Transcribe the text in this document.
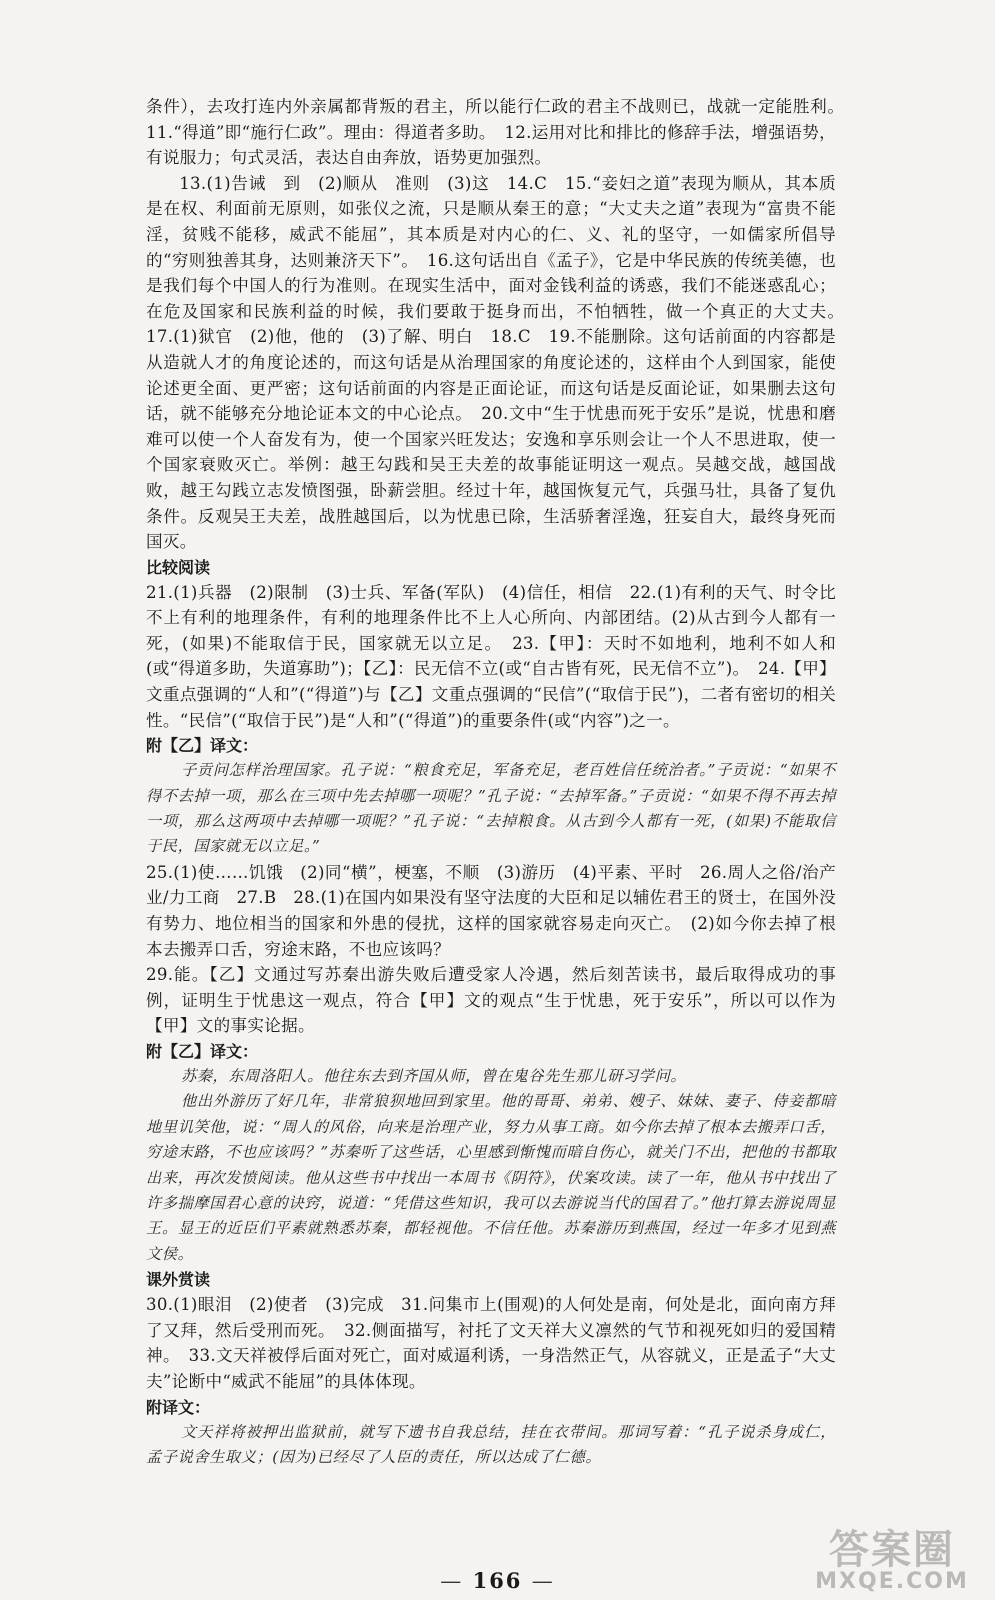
条件），去攻打连内外亲属都背叛的君主，所以能行仁政的君主不战则已，战就一定能胜利。　11.“得道”即“施行仁政”。理由：得道者多助。　12.运用对比和排比的修辞手法，增强语势，有说服力；句式灵活，表达自由奔放，语势更加强烈。

13.(1)告诫　到　(2)顺从　准则　(3)这　14.C　15.“妾妇之道”表现为顺从，其本质是在权、利面前无原则，如张仪之流，只是顺从秦王的意；“大丈夫之道”表现为“富贵不能淫，贫贱不能移，威武不能屈”，其本质是对内心的仁、义、礼的坚守，一如儒家所倡导的“穷则独善其身，达则兼济天下”。　16.这句话出自《孟子》，它是中华民族的传统美德，也是我们每个中国人的行为准则。在现实生活中，面对金钱利益的诱惑，我们不能迷惑乱心；在危及国家和民族利益的时候，我们要敢于挺身而出，不怕牺牲，做一个真正的大丈夫。　17.(1)狱官　(2)他，他的　(3)了解、明白　18.C　19.不能删除。这句话前面的内容都是从造就人才的角度论述的，而这句话是从治理国家的角度论述的，这样由个人到国家，能使论述更全面、更严密；这句话前面的内容是正面论证，而这句话是反面论证，如果删去这句话，就不能够充分地论证本文的中心论点。　20.文中“生于忧患而死于安乐”是说，忧患和磨难可以使一个人奋发有为，使一个国家兴旺发达；安逸和享乐则会让一个人不思进取，使一个国家衰败灭亡。举例：越王勾践和吴王夫差的故事能证明这一观点。吴越交战，越国战败，越王勾践立志发愤图强，卧薪尝胆。经过十年，越国恢复元气，兵强马壮，具备了复仇条件。反观吴王夫差，战胜越国后，以为忧患已除，生活骄奢淫逸，狂妄自大，最终身死而国灭。

比较阅读

21.(1)兵器　(2)限制　(3)士兵、军备(军队)　(4)信任，相信　22.(1)有利的天气、时令比不上有利的地理条件，有利的地理条件比不上人心所向、内部团结。(2)从古到今人都有一死，(如果)不能取信于民，国家就无以立足。　23.【甲】：天时不如地利，地利不如人和(或“得道多助，失道寡助”)；【乙】：民无信不立(或“自古皆有死，民无信不立”)。　24.【甲】文重点强调的“人和”(“得道”)与【乙】文重点强调的“民信”(“取信于民”)，二者有密切的相关性。“民信”(“取信于民”)是“人和”(“得道”)的重要条件(或“内容”)之一。

附【乙】译文：

子贡问怎样治理国家。孔子说：“粮食充足，军备充足，老百姓信任统治者。”子贡说：“如果不得不去掉一项，那么在三项中先去掉哪一项呢？”孔子说：“去掉军备。”子贡说：“如果不得不再去掉一项，那么这两项中去掉哪一项呢？”孔子说：“去掉粮食。从古到今人都有一死，(如果)不能取信于民，国家就无以立足。”

25.(1)使……饥饿　(2)同“横”，梗塞，不顺　(3)游历　(4)平素、平时　26.周人之俗/治产业/力工商　27.B　28.(1)在国内如果没有坚守法度的大臣和足以辅佐君王的贤士，在国外没有势力、地位相当的国家和外患的侵扰，这样的国家就容易走向灭亡。　(2)如今你去掉了根本去搬弄口舌，穷途末路，不也应该吗？

29.能。【乙】文通过写苏秦出游失败后遭受家人冷遇，然后刻苦读书，最后取得成功的事例，证明生于忧患这一观点，符合【甲】文的观点“生于忧患，死于安乐”，所以可以作为【甲】文的事实论据。

附【乙】译文：

苏秦，东周洛阳人。他往东去到齐国从师，曾在鬼谷先生那儿研习学问。

他出外游历了好几年，非常狼狈地回到家里。他的哥哥、弟弟、嫂子、妹妹、妻子、侍妾都暗地里讥笑他，说：“周人的风俗，向来是治理产业，努力从事工商。如今你去掉了根本去搬弄口舌，穷途末路，不也应该吗？”苏秦听了这些话，心里感到惭愧而暗自伤心，就关门不出，把他的书都取出来，再次发愤阅读。他从这些书中找出一本周书《阴符》，伏案攻读。读了一年，他从书中找出了许多揣摩国君心意的诀窍，说道：“凭借这些知识，我可以去游说当代的国君了。”他打算去游说周显王。显王的近臣们平素就熟悉苏秦，都轻视他。不信任他。苏秦游历到燕国，经过一年多才见到燕文侯。

课外赏读

30.(1)眼泪　(2)使者　(3)完成　31.问集市上(围观)的人何处是南，何处是北，面向南方拜了又拜，然后受刑而死。　32.侧面描写，衬托了文天祥大义凛然的气节和视死如归的爱国精神。　33.文天祥被俘后面对死亡，面对威逼利诱，一身浩然正气，从容就义，正是孟子“大丈夫”论断中“威武不能屈”的具体体现。

附译文：

文天祥将被押出监狱前，就写下遗书自我总结，挂在衣带间。那词写着：“孔子说杀身成仁，孟子说舍生取义；(因为)已经尽了人臣的责任，所以达成了仁德。

— 166 —
答案圈
MXQE.COM
